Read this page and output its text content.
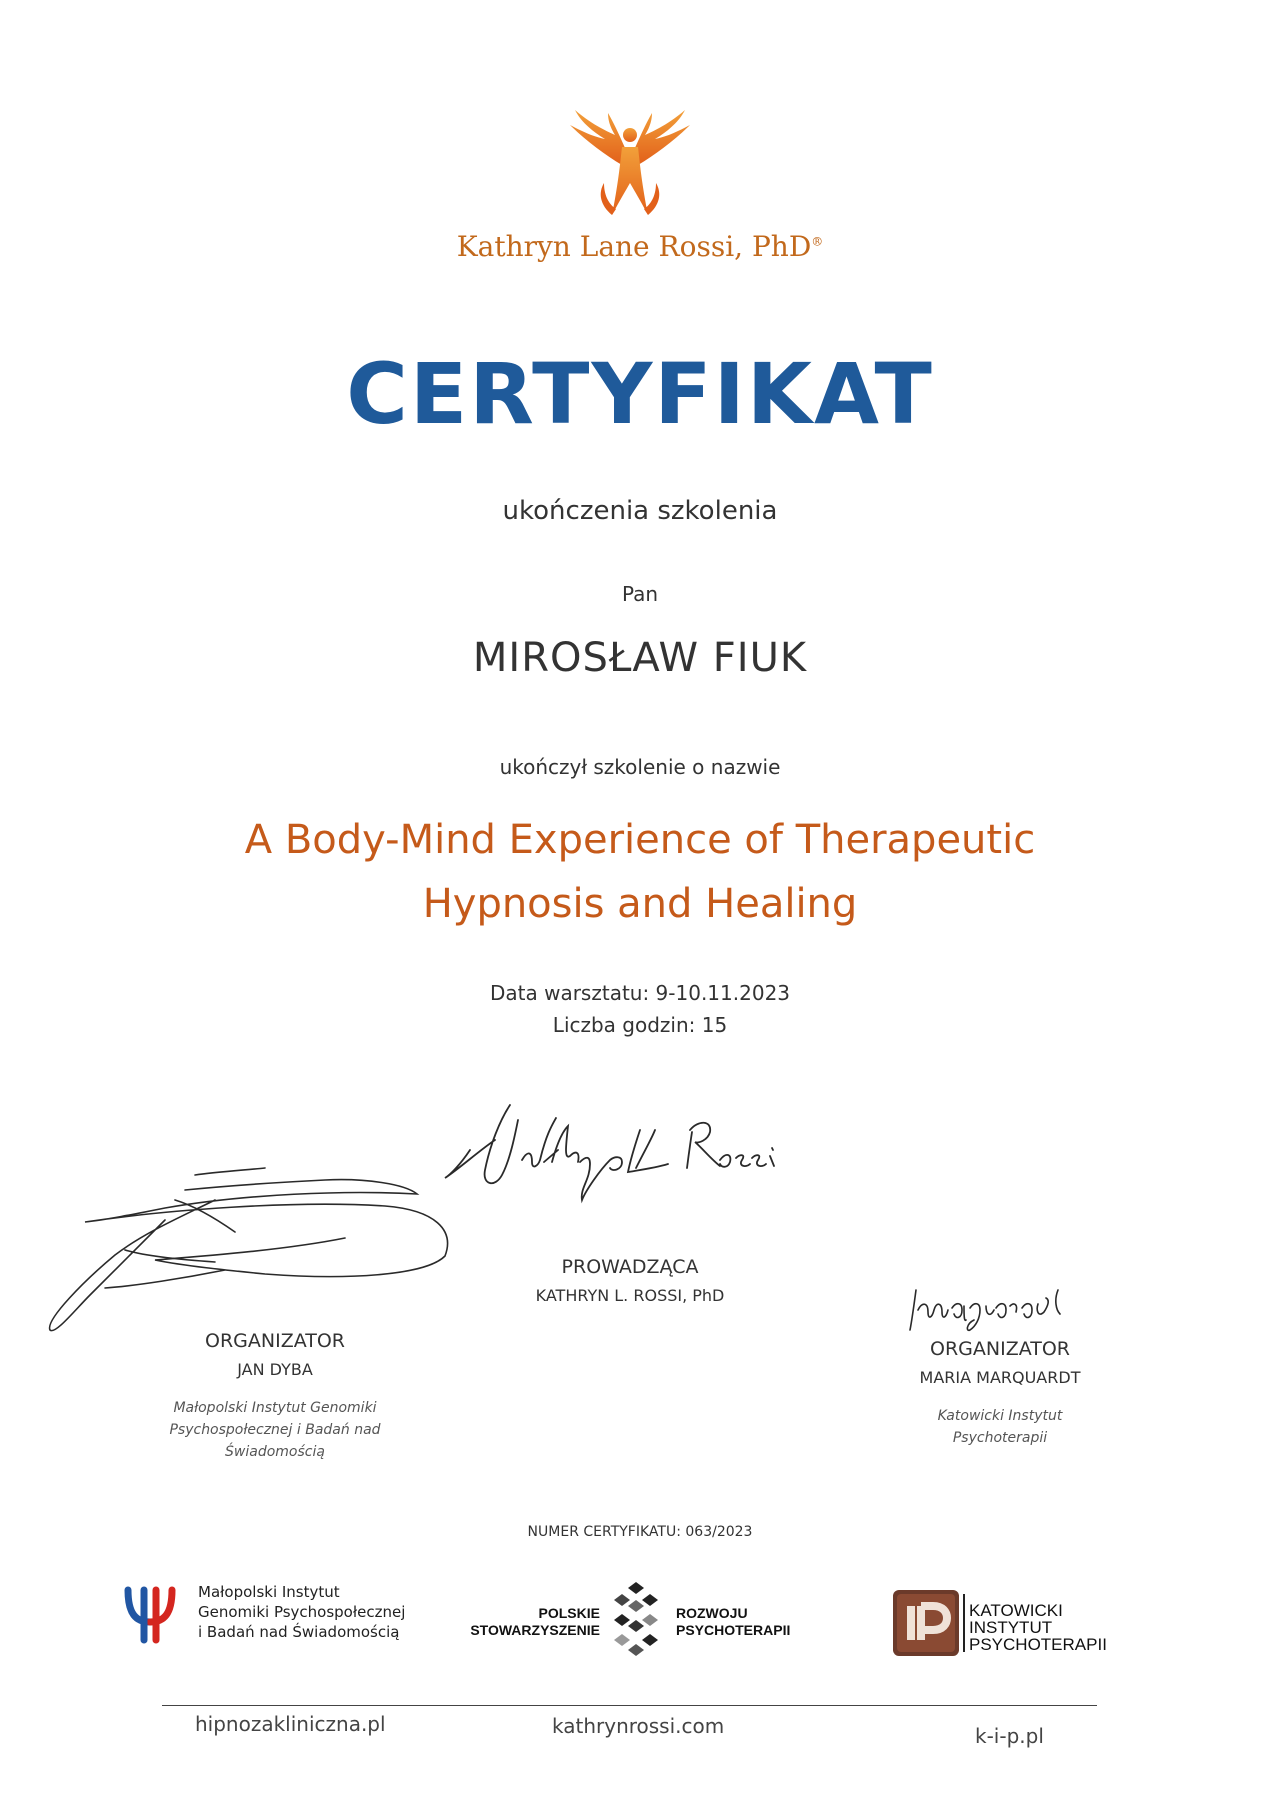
Kathryn Lane Rossi, PhD®
CERTYFIKAT
ukończenia szkolenia
Pan
MIROSŁAW FIUK
ukończył szkolenie o nazwie
A Body-Mind Experience of Therapeutic
Hypnosis and Healing
Data warsztatu: 9-10.11.2023
Liczba godzin: 15
PROWADZĄCA
KATHRYN L. ROSSI, PhD
ORGANIZATOR
JAN DYBA
Małopolski Instytut Genomiki
Psychospołecznej i Badań nad
Świadomością
ORGANIZATOR
MARIA MARQUARDT
Katowicki Instytut
Psychoterapii
NUMER CERTYFIKATU: 063/2023
Małopolski Instytut
Genomiki Psychospołecznej
i Badań nad Świadomością
POLSKIE
STOWARZYSZENIE
ROZWOJU
PSYCHOTERAPII
KATOWICKI
INSTYTUT
PSYCHOTERAPII
hipnozakliniczna.pl	kathrynrossi.com	k-i-p.pl
